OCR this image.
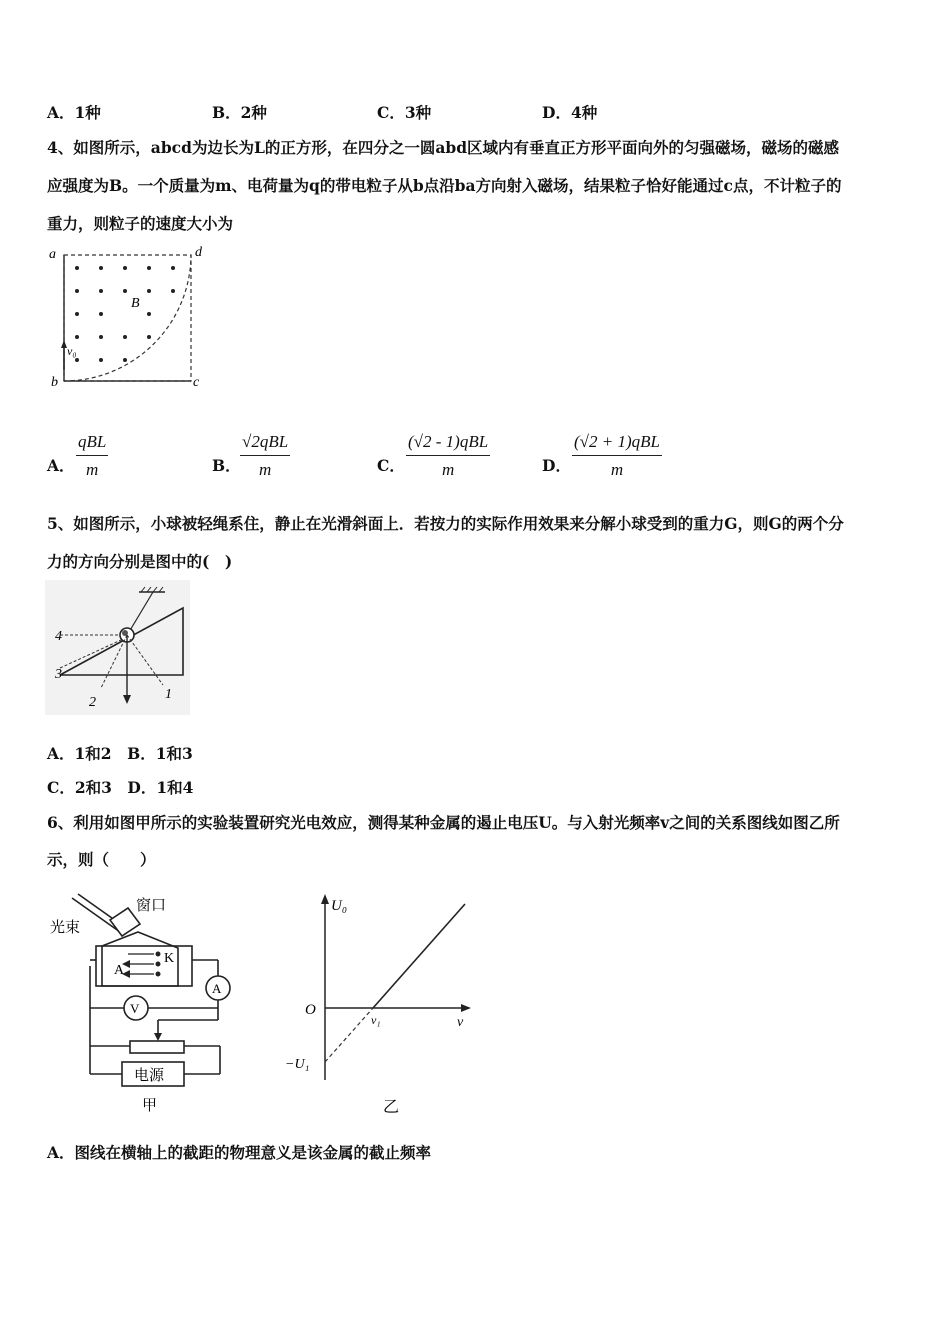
A．1种	B．2种	C．3种	D．4种
4、如图所示，abcd为边长为L的正方形，在四分之一圆abd区域内有垂直正方形平面向外的匀强磁场，磁场的磁感
应强度为B。一个质量为m、电荷量为q的带电粒子从b点沿ba方向射入磁场，结果粒子恰好能通过c点，不计粒子的
重力，则粒子的速度大小为
a	d
b	c
B
v₀
A．
qBL
m	B．
√2qBL
m	C．
(√2 - 1)qBL
m	D．
(√2 + 1)qBL
m
5、如图所示，小球被轻绳系住，静止在光滑斜面上．若按力的实际作用效果来分解小球受到的重力G，则G的两个分
力的方向分别是图中的(　)
4
3
2
1
A．1和2　B．1和3
C．2和3　D．1和4
6、利用如图甲所示的实验装置研究光电效应，测得某种金属的遏止电压U。与入射光频率v之间的关系图线如图乙所
示，则（　　）
光束
窗口
A
K
A
V
电源
甲
U₀
ν
O
ν₁
−U₁
乙
A．图线在横轴上的截距的物理意义是该金属的截止频率
